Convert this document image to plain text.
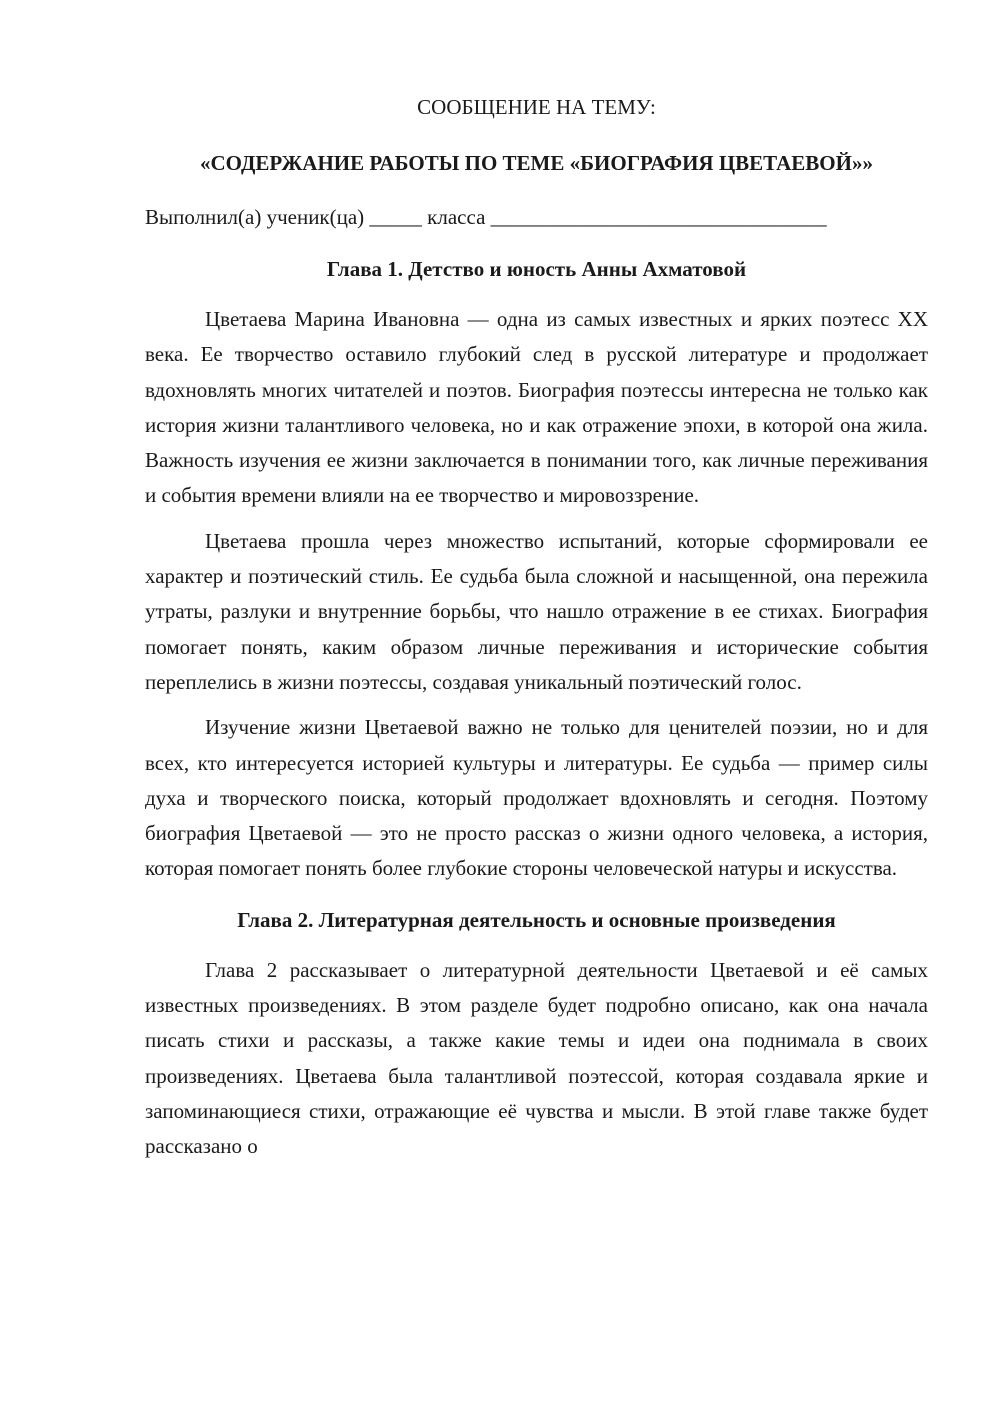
СООБЩЕНИЕ НА ТЕМУ:

«СОДЕРЖАНИЕ РАБОТЫ ПО ТЕМЕ «БИОГРАФИЯ ЦВЕТАЕВОЙ»»

Выполнил(а) ученик(ца) _____ класса ________________________________

Глава 1. Детство и юность Анны Ахматовой

Цветаева Марина Ивановна — одна из самых известных и ярких поэтесс XX века. Ее творчество оставило глубокий след в русской литературе и продолжает вдохновлять многих читателей и поэтов. Биография поэтессы интересна не только как история жизни талантливого человека, но и как отражение эпохи, в которой она жила. Важность изучения ее жизни заключается в понимании того, как личные переживания и события времени влияли на ее творчество и мировоззрение.

Цветаева прошла через множество испытаний, которые сформировали ее характер и поэтический стиль. Ее судьба была сложной и насыщенной, она пережила утраты, разлуки и внутренние борьбы, что нашло отражение в ее стихах. Биография помогает понять, каким образом личные переживания и исторические события переплелись в жизни поэтессы, создавая уникальный поэтический голос.

Изучение жизни Цветаевой важно не только для ценителей поэзии, но и для всех, кто интересуется историей культуры и литературы. Ее судьба — пример силы духа и творческого поиска, который продолжает вдохновлять и сегодня. Поэтому биография Цветаевой — это не просто рассказ о жизни одного человека, а история, которая помогает понять более глубокие стороны человеческой натуры и искусства.

Глава 2. Литературная деятельность и основные произведения

Глава 2 рассказывает о литературной деятельности Цветаевой и её самых известных произведениях. В этом разделе будет подробно описано, как она начала писать стихи и рассказы, а также какие темы и идеи она поднимала в своих произведениях. Цветаева была талантливой поэтессой, которая создавала яркие и запоминающиеся стихи, отражающие её чувства и мысли. В этой главе также будет рассказано о
